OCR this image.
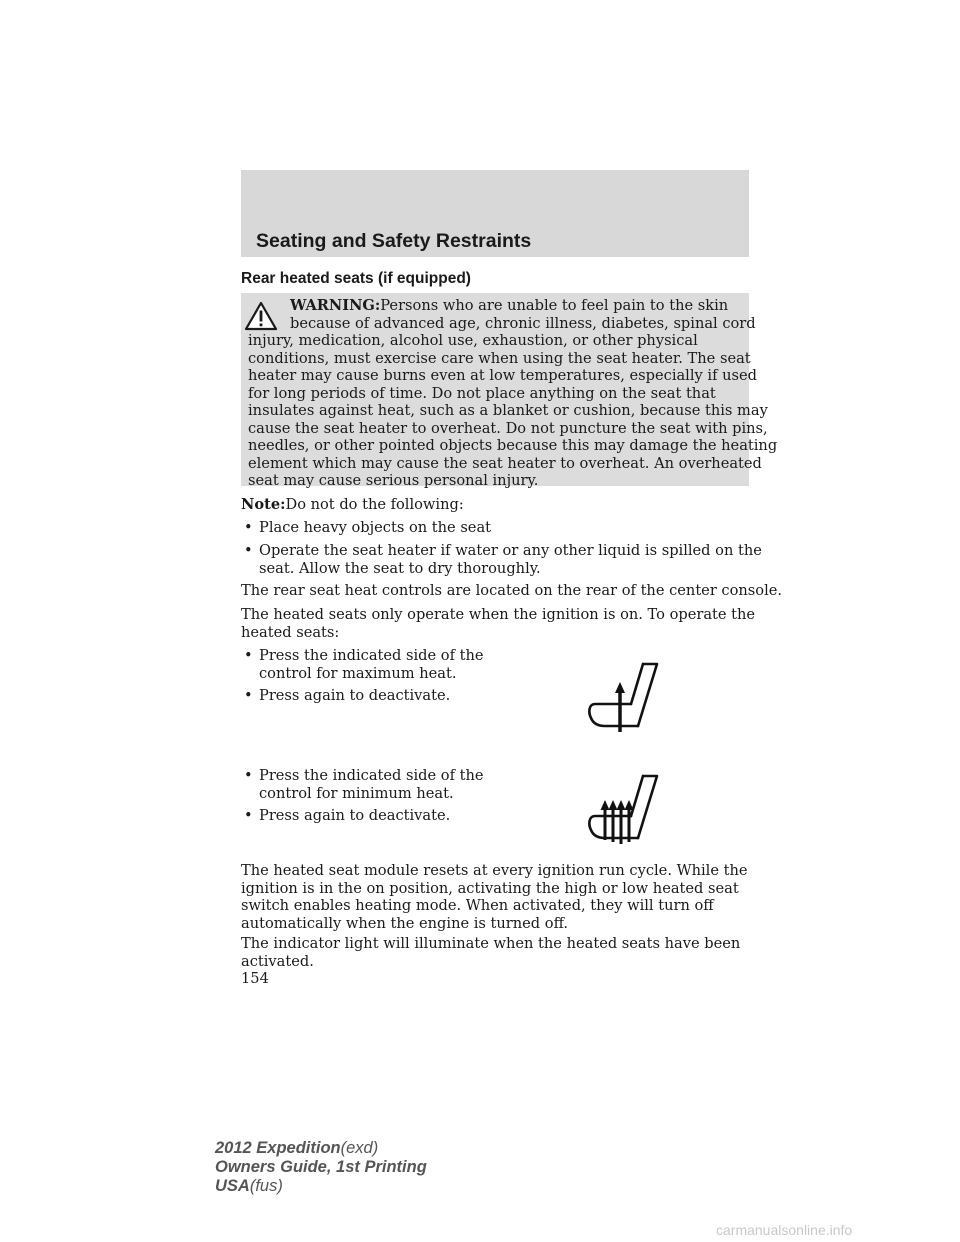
Seating and Safety Restraints
Rear heated seats (if equipped)
WARNING:Persons who are unable to feel pain to the skin
because of advanced age, chronic illness, diabetes, spinal cord
injury, medication, alcohol use, exhaustion, or other physical
conditions, must exercise care when using the seat heater. The seat
heater may cause burns even at low temperatures, especially if used
for long periods of time. Do not place anything on the seat that
insulates against heat, such as a blanket or cushion, because this may
cause the seat heater to overheat. Do not puncture the seat with pins,
needles, or other pointed objects because this may damage the heating
element which may cause the seat heater to overheat. An overheated
seat may cause serious personal injury.
Note:Do not do the following:
• Place heavy objects on the seat
• Operate the seat heater if water or any other liquid is spilled on the
seat. Allow the seat to dry thoroughly.
The rear seat heat controls are located on the rear of the center console.
The heated seats only operate when the ignition is on. To operate the
heated seats:
• Press the indicated side of the
control for maximum heat.
• Press again to deactivate.
• Press the indicated side of the
control for minimum heat.
• Press again to deactivate.
The heated seat module resets at every ignition run cycle. While the
ignition is in the on position, activating the high or low heated seat
switch enables heating mode. When activated, they will turn off
automatically when the engine is turned off.
The indicator light will illuminate when the heated seats have been
activated.
154
2012 Expedition(exd)
Owners Guide, 1st Printing
USA(fus)
carmanualsonline.info
